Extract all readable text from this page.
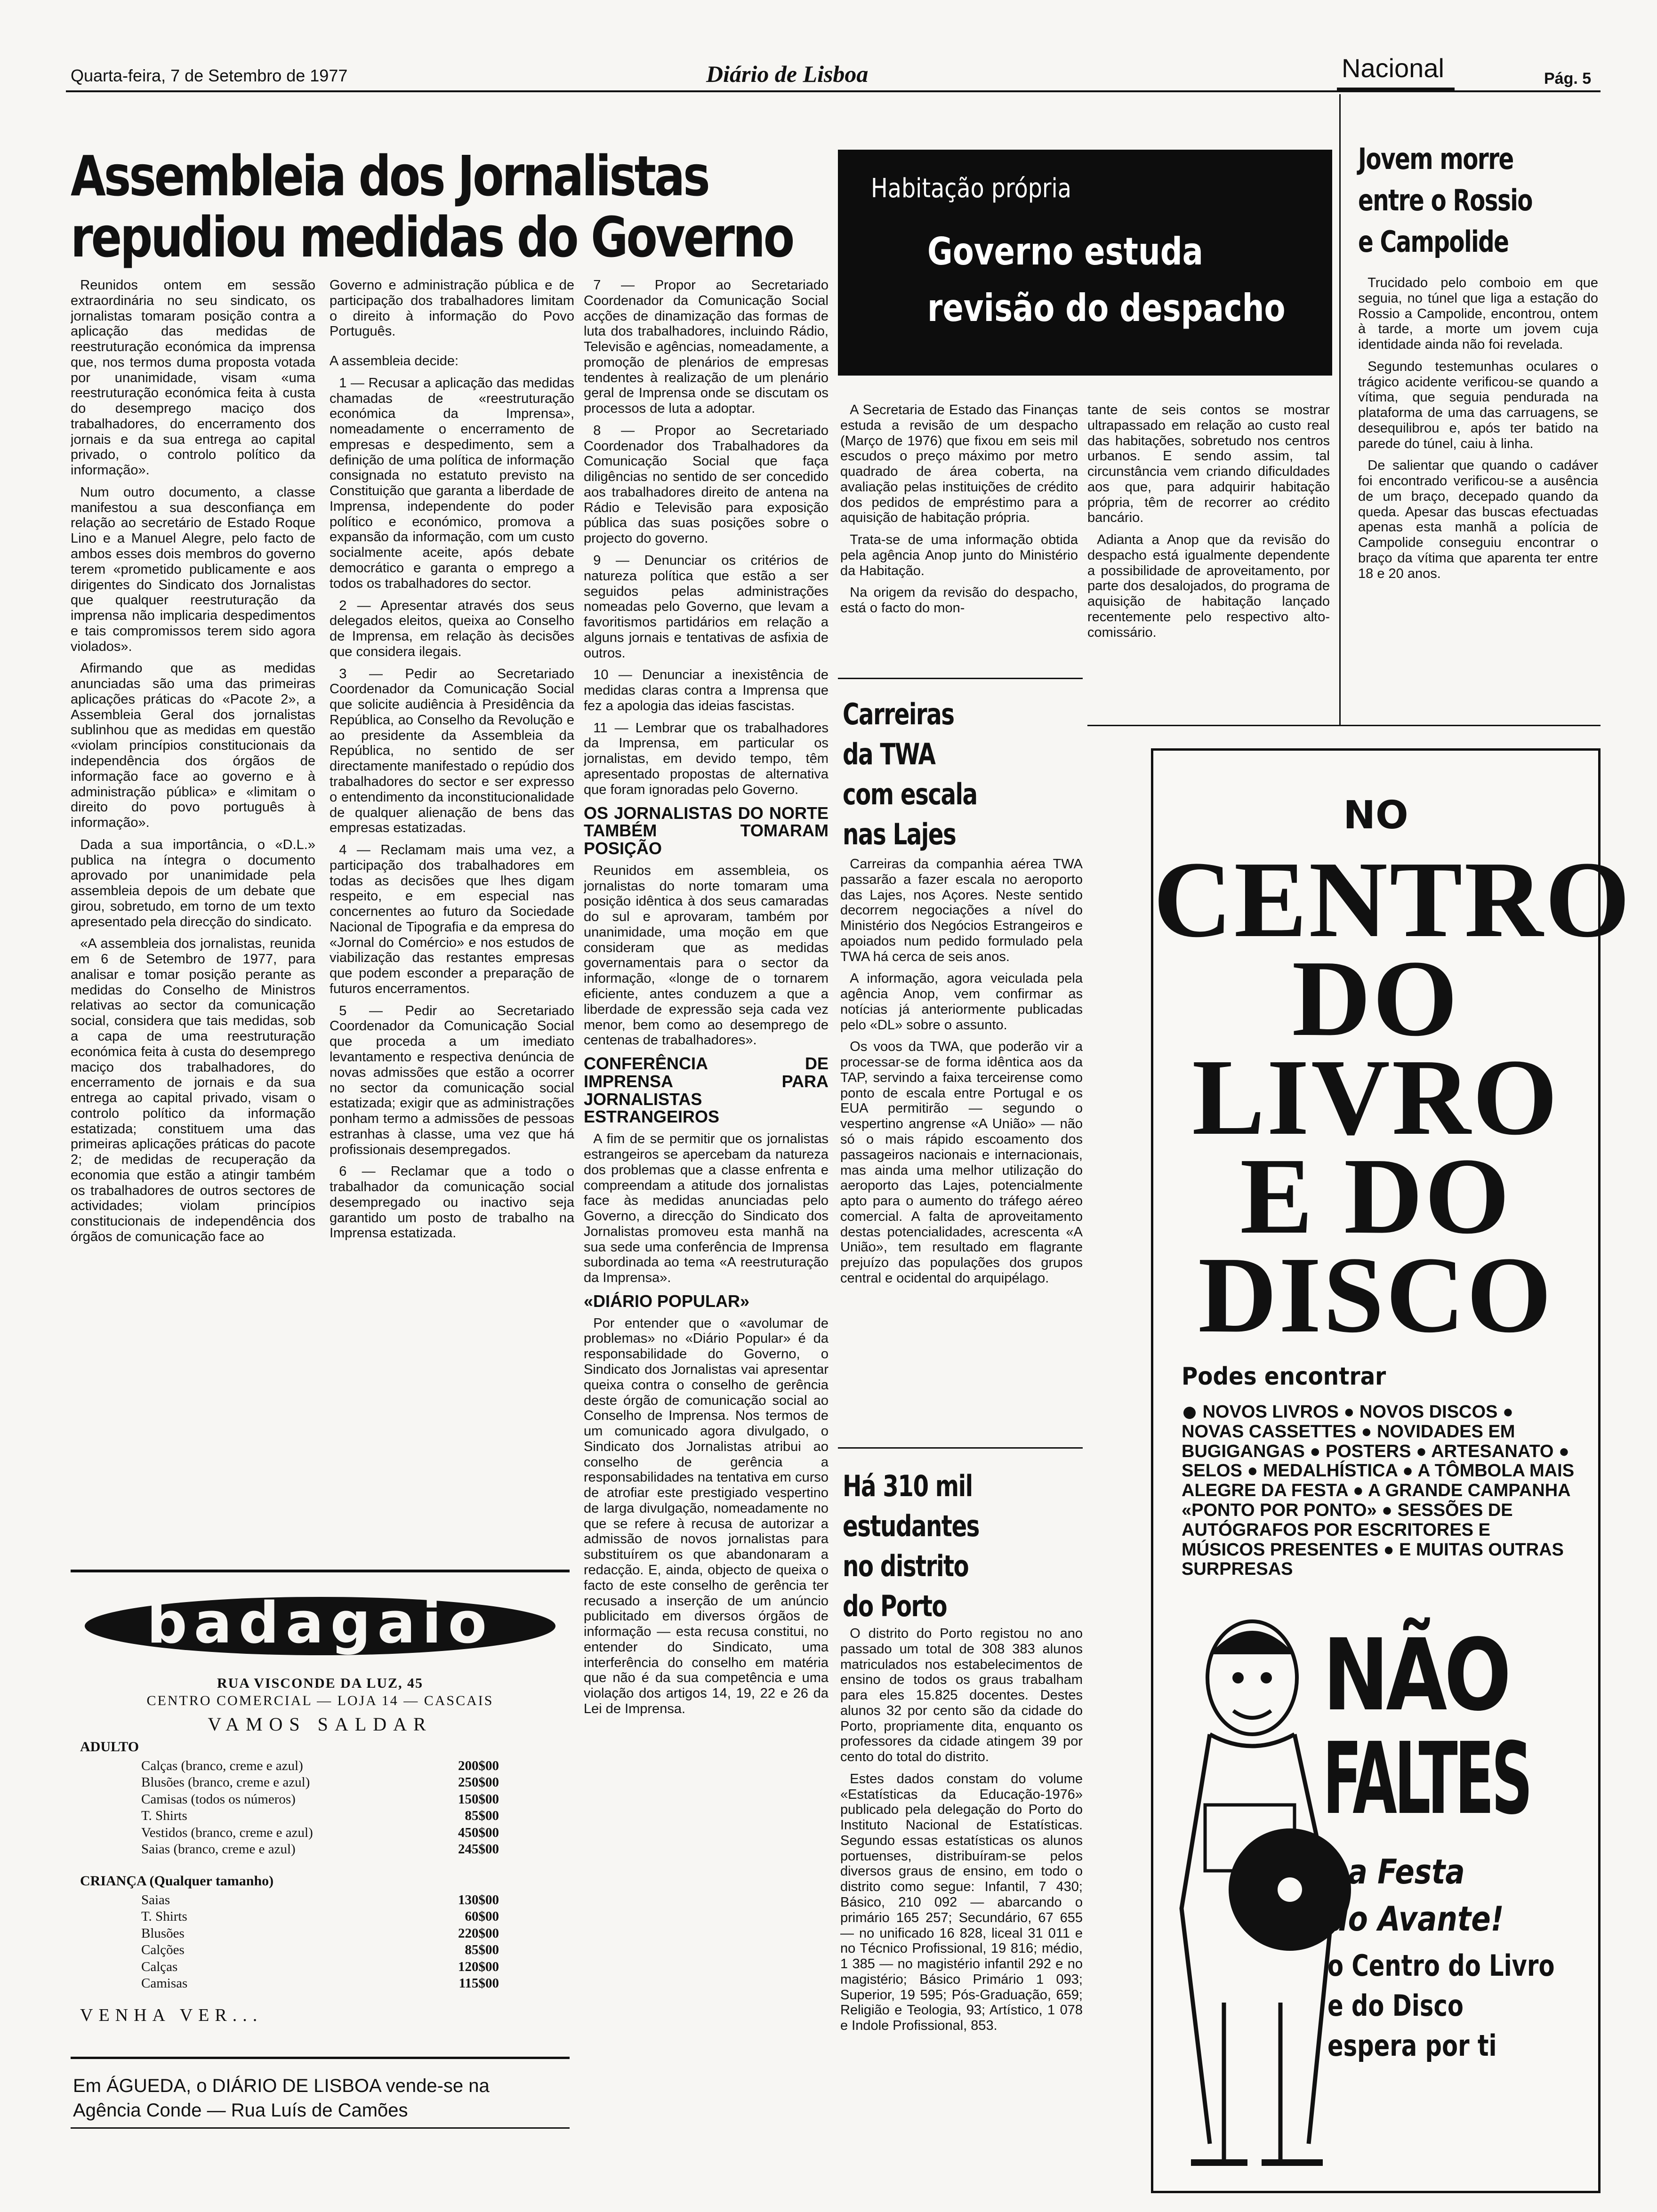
Quarta-feira, 7 de Setembro de 1977	Diário de Lisboa	Nacional	Pág. 5
Assembleia dos Jornalistas
repudiou medidas do Governo

Reunidos ontem em sessão extraordinária no seu sindicato, os jornalistas tomaram posição contra a aplicação das medidas de reestruturação económica da imprensa que, nos termos duma proposta votada por unanimidade, visam «uma reestruturação económica feita à custa do desemprego maciço dos trabalhadores, do encerramento dos jornais e da sua entrega ao capital privado, o controlo político da informação».

Num outro documento, a classe manifestou a sua desconfiança em relação ao secretário de Estado Roque Lino e a Manuel Alegre, pelo facto de ambos esses dois membros do governo terem «prometido publicamente e aos dirigentes do Sindicato dos Jornalistas que qualquer reestruturação da imprensa não implicaria despedimentos e tais compromissos terem sido agora violados».

Afirmando que as medidas anunciadas são uma das primeiras aplicações práticas do «Pacote 2», a Assembleia Geral dos jornalistas sublinhou que as medidas em questão «violam princípios constitucionais da independência dos órgãos de informação face ao governo e à administração pública» e «limitam o direito do povo português à informação».

Dada a sua importância, o «D.L.» publica na íntegra o documento aprovado por unanimidade pela assembleia depois de um debate que girou, sobretudo, em torno de um texto apresentado pela direcção do sindicato.

«A assembleia dos jornalistas, reunida em 6 de Setembro de 1977, para analisar e tomar posição perante as medidas do Conselho de Ministros relativas ao sector da comunicação social, considera que tais medidas, sob a capa de uma reestruturação económica feita à custa do desemprego maciço dos trabalhadores, do encerramento de jornais e da sua entrega ao capital privado, visam o controlo político da informação estatizada; constituem uma das primeiras aplicações práticas do pacote 2; de medidas de recuperação da economia que estão a atingir também os trabalhadores de outros sectores de actividades; violam princípios constitucionais de independência dos órgãos de comunicação face ao

Governo e administração pública e de participação dos trabalhadores limitam o direito à informação do Povo Português.

A assembleia decide:

1 — Recusar a aplicação das medidas chamadas de «reestruturação económica da Imprensa», nomeadamente o encerramento de empresas e despedimento, sem a definição de uma política de informação consignada no estatuto previsto na Constituição que garanta a liberdade de Imprensa, independente do poder político e económico, promova a expansão da informação, com um custo socialmente aceite, após debate democrático e garanta o emprego a todos os trabalhadores do sector.

2 — Apresentar através dos seus delegados eleitos, queixa ao Conselho de Imprensa, em relação às decisões que considera ilegais.

3 — Pedir ao Secretariado Coordenador da Comunicação Social que solicite audiência à Presidência da República, ao Conselho da Revolução e ao presidente da Assembleia da República, no sentido de ser directamente manifestado o repúdio dos trabalhadores do sector e ser expresso o entendimento da inconstitucionalidade de qualquer alienação de bens das empresas estatizadas.

4 — Reclamam mais uma vez, a participação dos trabalhadores em todas as decisões que lhes digam respeito, e em especial nas concernentes ao futuro da Sociedade Nacional de Tipografia e da empresa do «Jornal do Comércio» e nos estudos de viabilização das restantes empresas que podem esconder a preparação de futuros encerramentos.

5 — Pedir ao Secretariado Coordenador da Comunicação Social que proceda a um imediato levantamento e respectiva denúncia de novas admissões que estão a ocorrer no sector da comunicação social estatizada; exigir que as administrações ponham termo a admissões de pessoas estranhas à classe, uma vez que há profissionais desempregados.

6 — Reclamar que a todo o trabalhador da comunicação social desempregado ou inactivo seja garantido um posto de trabalho na Imprensa estatizada.

7 — Propor ao Secretariado Coordenador da Comunicação Social acções de dinamização das formas de luta dos trabalhadores, incluindo Rádio, Televisão e agências, nomeadamente, a promoção de plenários de empresas tendentes à realização de um plenário geral de Imprensa onde se discutam os processos de luta a adoptar.

8 — Propor ao Secretariado Coordenador dos Trabalhadores da Comunicação Social que faça diligências no sentido de ser concedido aos trabalhadores direito de antena na Rádio e Televisão para exposição pública das suas posições sobre o projecto do governo.

9 — Denunciar os critérios de natureza política que estão a ser seguidos pelas administrações nomeadas pelo Governo, que levam a favoritismos partidários em relação a alguns jornais e tentativas de asfixia de outros.

10 — Denunciar a inexistência de medidas claras contra a Imprensa que fez a apologia das ideias fascistas.

11 — Lembrar que os trabalhadores da Imprensa, em particular os jornalistas, em devido tempo, têm apresentado propostas de alternativa que foram ignoradas pelo Governo.

OS JORNALISTAS DO NORTE TAMBÉM TOMARAM POSIÇÃO

Reunidos em assembleia, os jornalistas do norte tomaram uma posição idêntica à dos seus camaradas do sul e aprovaram, também por unanimidade, uma moção em que consideram que as medidas governamentais para o sector da informação, «longe de o tornarem eficiente, antes conduzem a que a liberdade de expressão seja cada vez menor, bem como ao desemprego de centenas de trabalhadores».

CONFERÊNCIA DE IMPRENSA PARA JORNALISTAS ESTRANGEIROS

A fim de se permitir que os jornalistas estrangeiros se apercebam da natureza dos problemas que a classe enfrenta e compreendam a atitude dos jornalistas face às medidas anunciadas pelo Governo, a direcção do Sindicato dos Jornalistas promoveu esta manhã na sua sede uma conferência de Imprensa subordinada ao tema «A reestruturação da Imprensa».

«DIÁRIO POPULAR»

Por entender que o «avolumar de problemas» no «Diário Popular» é da responsabilidade do Governo, o Sindicato dos Jornalistas vai apresentar queixa contra o conselho de gerência deste órgão de comunicação social ao Conselho de Imprensa. Nos termos de um comunicado agora divulgado, o Sindicato dos Jornalistas atribui ao conselho de gerência a responsabilidades na tentativa em curso de atrofiar este prestigiado vespertino de larga divulgação, nomeadamente no que se refere à recusa de autorizar a admissão de novos jornalistas para substituírem os que abandonaram a redacção. E, ainda, objecto de queixa o facto de este conselho de gerência ter recusado a inserção de um anúncio publicitado em diversos órgãos de informação — esta recusa constitui, no entender do Sindicato, uma interferência do conselho em matéria que não é da sua competência e uma violação dos artigos 14, 19, 22 e 26 da Lei de Imprensa.

Habitação própria
Governo estuda
revisão do despacho

A Secretaria de Estado das Finanças estuda a revisão de um despacho (Março de 1976) que fixou em seis mil escudos o preço máximo por metro quadrado de área coberta, na avaliação pelas instituições de crédito dos pedidos de empréstimo para a aquisição de habitação própria.

Trata-se de uma informação obtida pela agência Anop junto do Ministério da Habitação.

Na origem da revisão do despacho, está o facto do mon-

tante de seis contos se mostrar ultrapassado em relação ao custo real das habitações, sobretudo nos centros urbanos. E sendo assim, tal circunstância vem criando dificuldades aos que, para adquirir habitação própria, têm de recorrer ao crédito bancário.

Adianta a Anop que da revisão do despacho está igualmente dependente a possibilidade de aproveitamento, por parte dos desalojados, do programa de aquisição de habitação lançado recentemente pelo respectivo alto-comissário.

Jovem morre
entre o Rossio
e Campolide

Trucidado pelo comboio em que seguia, no túnel que liga a estação do Rossio a Campolide, encontrou, ontem à tarde, a morte um jovem cuja identidade ainda não foi revelada.

Segundo testemunhas oculares o trágico acidente verificou-se quando a vítima, que seguia pendurada na plataforma de uma das carruagens, se desequilibrou e, após ter batido na parede do túnel, caiu à linha.

De salientar que quando o cadáver foi encontrado verificou-se a ausência de um braço, decepado quando da queda. Apesar das buscas efectuadas apenas esta manhã a polícia de Campolide conseguiu encontrar o braço da vítima que aparenta ter entre 18 e 20 anos.

Carreiras
da TWA
com escala
nas Lajes

Carreiras da companhia aérea TWA passarão a fazer escala no aeroporto das Lajes, nos Açores. Neste sentido decorrem negociações a nível do Ministério dos Negócios Estrangeiros e apoiados num pedido formulado pela TWA há cerca de seis anos.

A informação, agora veiculada pela agência Anop, vem confirmar as notícias já anteriormente publicadas pelo «DL» sobre o assunto.

Os voos da TWA, que poderão vir a processar-se de forma idêntica aos da TAP, servindo a faixa terceirense como ponto de escala entre Portugal e os EUA permitirão — segundo o vespertino angrense «A União» — não só o mais rápido escoamento dos passageiros nacionais e internacionais, mas ainda uma melhor utilização do aeroporto das Lajes, potencialmente apto para o aumento do tráfego aéreo comercial. A falta de aproveitamento destas potencialidades, acrescenta «A União», tem resultado em flagrante prejuízo das populações dos grupos central e ocidental do arquipélago.

Há 310 mil
estudantes
no distrito
do Porto

O distrito do Porto registou no ano passado um total de 308 383 alunos matriculados nos estabelecimentos de ensino de todos os graus trabalham para eles 15.825 docentes. Destes alunos 32 por cento são da cidade do Porto, propriamente dita, enquanto os professores da cidade atingem 39 por cento do total do distrito.

Estes dados constam do volume «Estatísticas da Educação-1976» publicado pela delegação do Porto do Instituto Nacional de Estatísticas. Segundo essas estatísticas os alunos portuenses, distribuíram-se pelos diversos graus de ensino, em todo o distrito como segue: Infantil, 7 430; Básico, 210 092 — abarcando o primário 165 257; Secundário, 67 655 — no unificado 16 828, liceal 31 011 e no Técnico Profissional, 19 816; médio, 1 385 — no magistério infantil 292 e no magistério; Básico Primário 1 093; Superior, 19 595; Pós-Graduação, 659; Religião e Teologia, 93; Artístico, 1 078 e Indole Profissional, 853.

badagaio
RUA VISCONDE DA LUZ, 45
CENTRO COMERCIAL — LOJA 14 — CASCAIS
VAMOS SALDAR
ADULTO
Calças (branco, creme e azul)	200$00
Blusões (branco, creme e azul)	250$00
Camisas (todos os números)	150$00
T. Shirts	85$00
Vestidos (branco, creme e azul)	450$00
Saias (branco, creme e azul)	245$00
CRIANÇA (Qualquer tamanho)
Saias	130$00
T. Shirts	60$00
Blusões	220$00
Calções	85$00
Calças	120$00
Camisas	115$00
VENHA VER...
Em ÁGUEDA, o DIÁRIO DE LISBOA vende-se na
Agência Conde — Rua Luís de Camões
NO
CENTRO
DO
LIVRO
E DO
DISCO
Podes encontrar
NOVOS LIVROS ● NOVOS DISCOS ● NOVAS CASSETTES ● NOVIDADES EM BUGIGANGAS ● POSTERS ● ARTESANATO ● SELOS ● MEDALHÍSTICA ● A TÔMBOLA MAIS ALEGRE DA FESTA ● A GRANDE CAMPANHA «PONTO POR PONTO» ● SESSÕES DE AUTÓGRAFOS POR ESCRITORES E MÚSICOS PRESENTES ● E MUITAS OUTRAS SURPRESAS
NÃO
FALTES
na Festa
do Avante!
o Centro do Livro
e do Disco
espera por ti
